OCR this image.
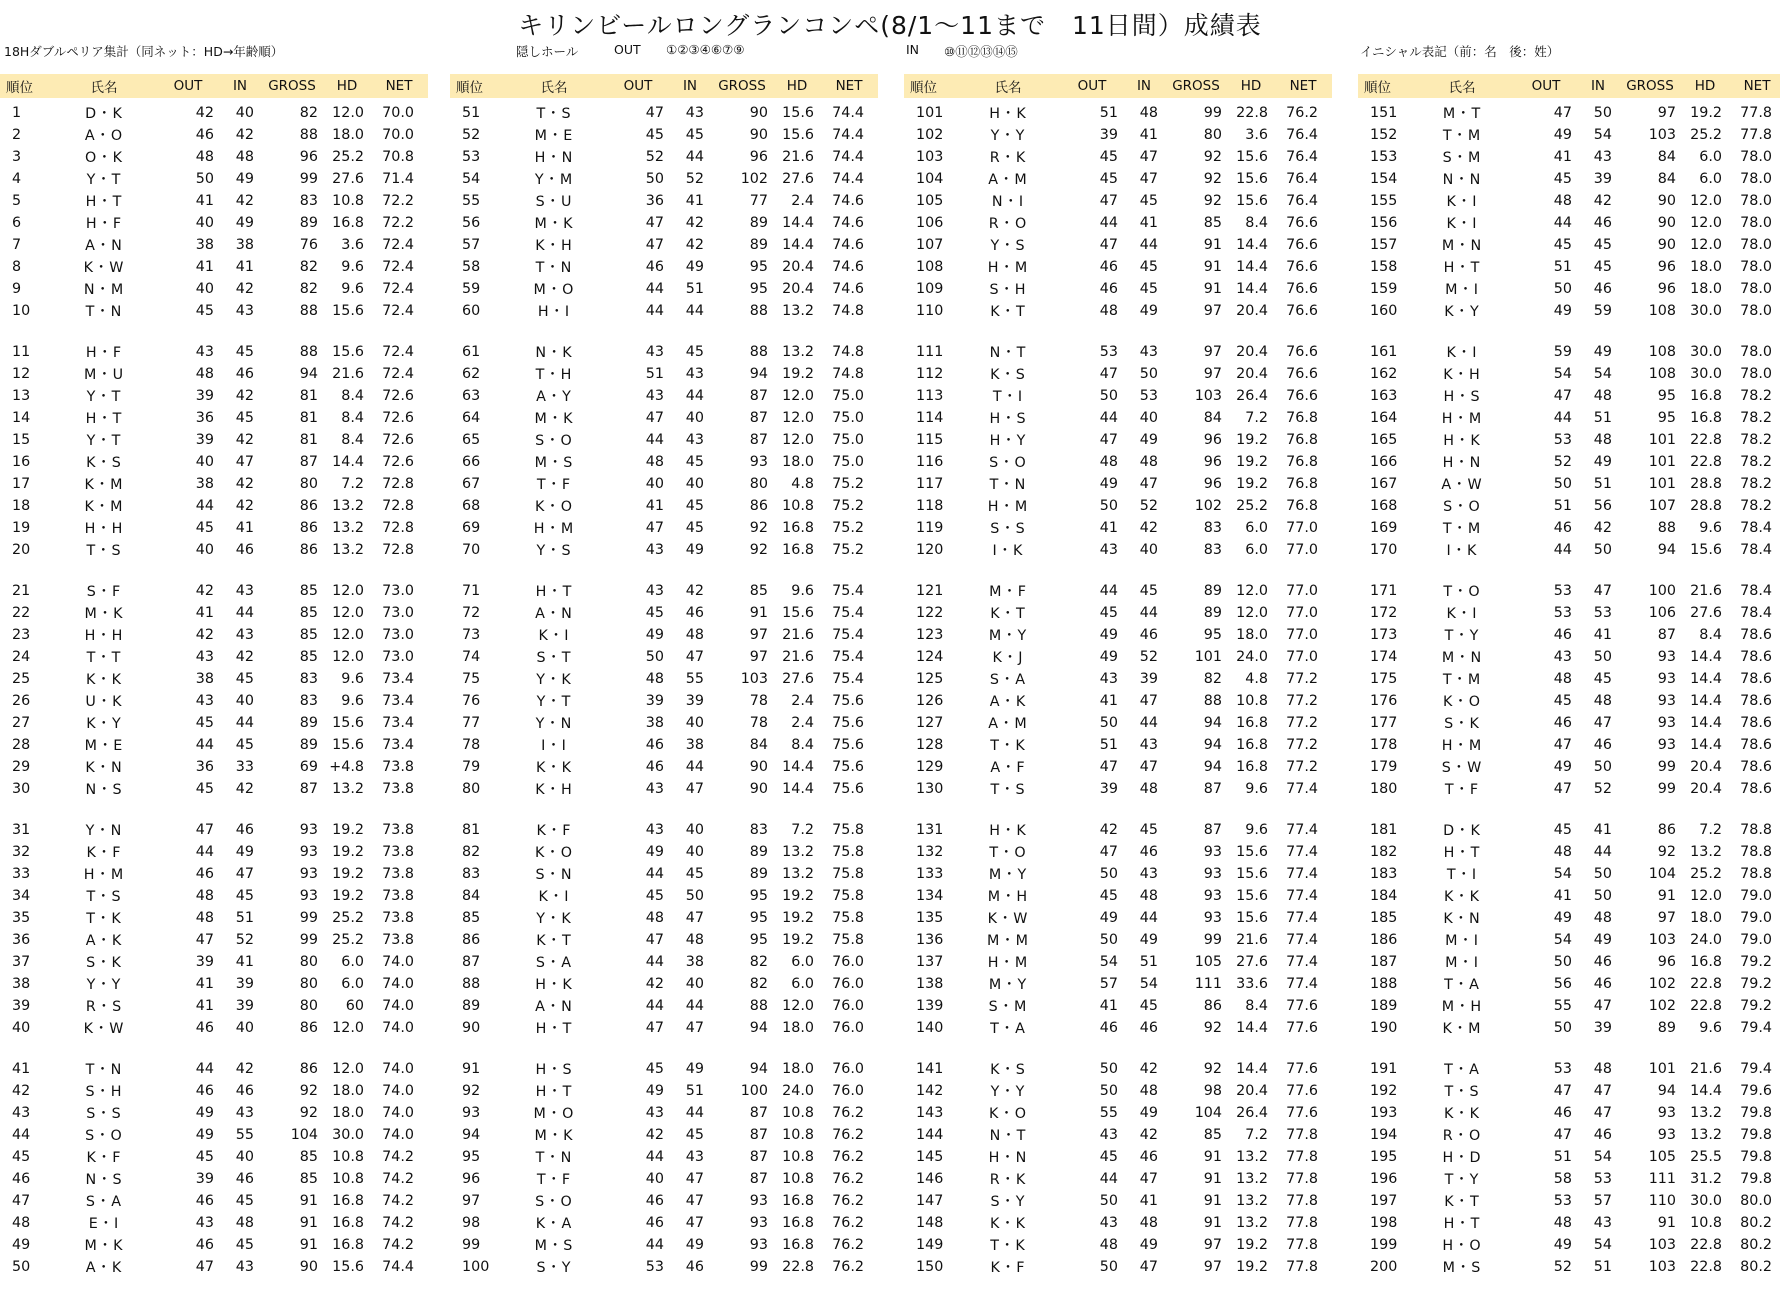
キリンビールロングランコンペ(8/1～11まで　11日間）成績表
18Hダブルペリア集計（同ネット：HD→年齢順）	隠しホール	OUT ①②③④⑥⑦⑨	IN ⑩⑪⑫⑬⑭⑮	イニシャル表記（前：名　後：姓）
順位	氏名	OUT	IN	GROSS	HD	NET

1	D・K	42	40	82	12.0	70.0
2	A・O	46	42	88	18.0	70.0
3	O・K	48	48	96	25.2	70.8
4	Y・T	50	49	99	27.6	71.4
5	H・T	41	42	83	10.8	72.2
6	H・F	40	49	89	16.8	72.2
7	A・N	38	38	76	3.6	72.4
8	K・W	41	41	82	9.6	72.4
9	N・M	40	42	82	9.6	72.4
10	T・N	45	43	88	15.6	72.4

11	H・F	43	45	88	15.6	72.4
12	M・U	48	46	94	21.6	72.4
13	Y・T	39	42	81	8.4	72.6
14	H・T	36	45	81	8.4	72.6
15	Y・T	39	42	81	8.4	72.6
16	K・S	40	47	87	14.4	72.6
17	K・M	38	42	80	7.2	72.8
18	K・M	44	42	86	13.2	72.8
19	H・H	45	41	86	13.2	72.8
20	T・S	40	46	86	13.2	72.8

21	S・F	42	43	85	12.0	73.0
22	M・K	41	44	85	12.0	73.0
23	H・H	42	43	85	12.0	73.0
24	T・T	43	42	85	12.0	73.0
25	K・K	38	45	83	9.6	73.4
26	U・K	43	40	83	9.6	73.4
27	K・Y	45	44	89	15.6	73.4
28	M・E	44	45	89	15.6	73.4
29	K・N	36	33	69	+4.8	73.8
30	N・S	45	42	87	13.2	73.8

31	Y・N	47	46	93	19.2	73.8
32	K・F	44	49	93	19.2	73.8
33	H・M	46	47	93	19.2	73.8
34	T・S	48	45	93	19.2	73.8
35	T・K	48	51	99	25.2	73.8
36	A・K	47	52	99	25.2	73.8
37	S・K	39	41	80	6.0	74.0
38	Y・Y	41	39	80	6.0	74.0
39	R・S	41	39	80	60	74.0
40	K・W	46	40	86	12.0	74.0

41	T・N	44	42	86	12.0	74.0
42	S・H	46	46	92	18.0	74.0
43	S・S	49	43	92	18.0	74.0
44	S・O	49	55	104	30.0	74.0
45	K・F	45	40	85	10.8	74.2
46	N・S	39	46	85	10.8	74.2
47	S・A	46	45	91	16.8	74.2
48	E・I	43	48	91	16.8	74.2
49	M・K	46	45	91	16.8	74.2
50	A・K	47	43	90	15.6	74.4
順位	氏名	OUT	IN	GROSS	HD	NET

51	T・S	47	43	90	15.6	74.4
52	M・E	45	45	90	15.6	74.4
53	H・N	52	44	96	21.6	74.4
54	Y・M	50	52	102	27.6	74.4
55	S・U	36	41	77	2.4	74.6
56	M・K	47	42	89	14.4	74.6
57	K・H	47	42	89	14.4	74.6
58	T・N	46	49	95	20.4	74.6
59	M・O	44	51	95	20.4	74.6
60	H・I	44	44	88	13.2	74.8

61	N・K	43	45	88	13.2	74.8
62	T・H	51	43	94	19.2	74.8
63	A・Y	43	44	87	12.0	75.0
64	M・K	47	40	87	12.0	75.0
65	S・O	44	43	87	12.0	75.0
66	M・S	48	45	93	18.0	75.0
67	T・F	40	40	80	4.8	75.2
68	K・O	41	45	86	10.8	75.2
69	H・M	47	45	92	16.8	75.2
70	Y・S	43	49	92	16.8	75.2

71	H・T	43	42	85	9.6	75.4
72	A・N	45	46	91	15.6	75.4
73	K・I	49	48	97	21.6	75.4
74	S・T	50	47	97	21.6	75.4
75	Y・K	48	55	103	27.6	75.4
76	Y・T	39	39	78	2.4	75.6
77	Y・N	38	40	78	2.4	75.6
78	I・I	46	38	84	8.4	75.6
79	K・K	46	44	90	14.4	75.6
80	K・H	43	47	90	14.4	75.6

81	K・F	43	40	83	7.2	75.8
82	K・O	49	40	89	13.2	75.8
83	S・N	44	45	89	13.2	75.8
84	K・I	45	50	95	19.2	75.8
85	Y・K	48	47	95	19.2	75.8
86	K・T	47	48	95	19.2	75.8
87	S・A	44	38	82	6.0	76.0
88	H・K	42	40	82	6.0	76.0
89	A・N	44	44	88	12.0	76.0
90	H・T	47	47	94	18.0	76.0

91	H・S	45	49	94	18.0	76.0
92	H・T	49	51	100	24.0	76.0
93	M・O	43	44	87	10.8	76.2
94	M・K	42	45	87	10.8	76.2
95	T・N	44	43	87	10.8	76.2
96	T・F	40	47	87	10.8	76.2
97	S・O	46	47	93	16.8	76.2
98	K・A	46	47	93	16.8	76.2
99	M・S	44	49	93	16.8	76.2
100	S・Y	53	46	99	22.8	76.2
順位	氏名	OUT	IN	GROSS	HD	NET

101	H・K	51	48	99	22.8	76.2
102	Y・Y	39	41	80	3.6	76.4
103	R・K	45	47	92	15.6	76.4
104	A・M	45	47	92	15.6	76.4
105	N・I	47	45	92	15.6	76.4
106	R・O	44	41	85	8.4	76.6
107	Y・S	47	44	91	14.4	76.6
108	H・M	46	45	91	14.4	76.6
109	S・H	46	45	91	14.4	76.6
110	K・T	48	49	97	20.4	76.6

111	N・T	53	43	97	20.4	76.6
112	K・S	47	50	97	20.4	76.6
113	T・I	50	53	103	26.4	76.6
114	H・S	44	40	84	7.2	76.8
115	H・Y	47	49	96	19.2	76.8
116	S・O	48	48	96	19.2	76.8
117	T・N	49	47	96	19.2	76.8
118	H・M	50	52	102	25.2	76.8
119	S・S	41	42	83	6.0	77.0
120	I・K	43	40	83	6.0	77.0

121	M・F	44	45	89	12.0	77.0
122	K・T	45	44	89	12.0	77.0
123	M・Y	49	46	95	18.0	77.0
124	K・J	49	52	101	24.0	77.0
125	S・A	43	39	82	4.8	77.2
126	A・K	41	47	88	10.8	77.2
127	A・M	50	44	94	16.8	77.2
128	T・K	51	43	94	16.8	77.2
129	A・F	47	47	94	16.8	77.2
130	T・S	39	48	87	9.6	77.4

131	H・K	42	45	87	9.6	77.4
132	T・O	47	46	93	15.6	77.4
133	M・Y	50	43	93	15.6	77.4
134	M・H	45	48	93	15.6	77.4
135	K・W	49	44	93	15.6	77.4
136	M・M	50	49	99	21.6	77.4
137	H・M	54	51	105	27.6	77.4
138	M・Y	57	54	111	33.6	77.4
139	S・M	41	45	86	8.4	77.6
140	T・A	46	46	92	14.4	77.6

141	K・S	50	42	92	14.4	77.6
142	Y・Y	50	48	98	20.4	77.6
143	K・O	55	49	104	26.4	77.6
144	N・T	43	42	85	7.2	77.8
145	H・N	45	46	91	13.2	77.8
146	R・K	44	47	91	13.2	77.8
147	S・Y	50	41	91	13.2	77.8
148	K・K	43	48	91	13.2	77.8
149	T・K	48	49	97	19.2	77.8
150	K・F	50	47	97	19.2	77.8
順位	氏名	OUT	IN	GROSS	HD	NET

151	M・T	47	50	97	19.2	77.8
152	T・M	49	54	103	25.2	77.8
153	S・M	41	43	84	6.0	78.0
154	N・N	45	39	84	6.0	78.0
155	K・I	48	42	90	12.0	78.0
156	K・I	44	46	90	12.0	78.0
157	M・N	45	45	90	12.0	78.0
158	H・T	51	45	96	18.0	78.0
159	M・I	50	46	96	18.0	78.0
160	K・Y	49	59	108	30.0	78.0

161	K・I	59	49	108	30.0	78.0
162	K・H	54	54	108	30.0	78.0
163	H・S	47	48	95	16.8	78.2
164	H・M	44	51	95	16.8	78.2
165	H・K	53	48	101	22.8	78.2
166	H・N	52	49	101	22.8	78.2
167	A・W	50	51	101	28.8	78.2
168	S・O	51	56	107	28.8	78.2
169	T・M	46	42	88	9.6	78.4
170	I・K	44	50	94	15.6	78.4

171	T・O	53	47	100	21.6	78.4
172	K・I	53	53	106	27.6	78.4
173	T・Y	46	41	87	8.4	78.6
174	M・N	43	50	93	14.4	78.6
175	T・M	48	45	93	14.4	78.6
176	K・O	45	48	93	14.4	78.6
177	S・K	46	47	93	14.4	78.6
178	H・M	47	46	93	14.4	78.6
179	S・W	49	50	99	20.4	78.6
180	T・F	47	52	99	20.4	78.6

181	D・K	45	41	86	7.2	78.8
182	H・T	48	44	92	13.2	78.8
183	T・I	54	50	104	25.2	78.8
184	K・K	41	50	91	12.0	79.0
185	K・N	49	48	97	18.0	79.0
186	M・I	54	49	103	24.0	79.0
187	M・I	50	46	96	16.8	79.2
188	T・A	56	46	102	22.8	79.2
189	M・H	55	47	102	22.8	79.2
190	K・M	50	39	89	9.6	79.4

191	T・A	53	48	101	21.6	79.4
192	T・S	47	47	94	14.4	79.6
193	K・K	46	47	93	13.2	79.8
194	R・O	47	46	93	13.2	79.8
195	H・D	51	54	105	25.5	79.8
196	T・Y	58	53	111	31.2	79.8
197	K・T	53	57	110	30.0	80.0
198	H・T	48	43	91	10.8	80.2
199	H・O	49	54	103	22.8	80.2
200	M・S	52	51	103	22.8	80.2
